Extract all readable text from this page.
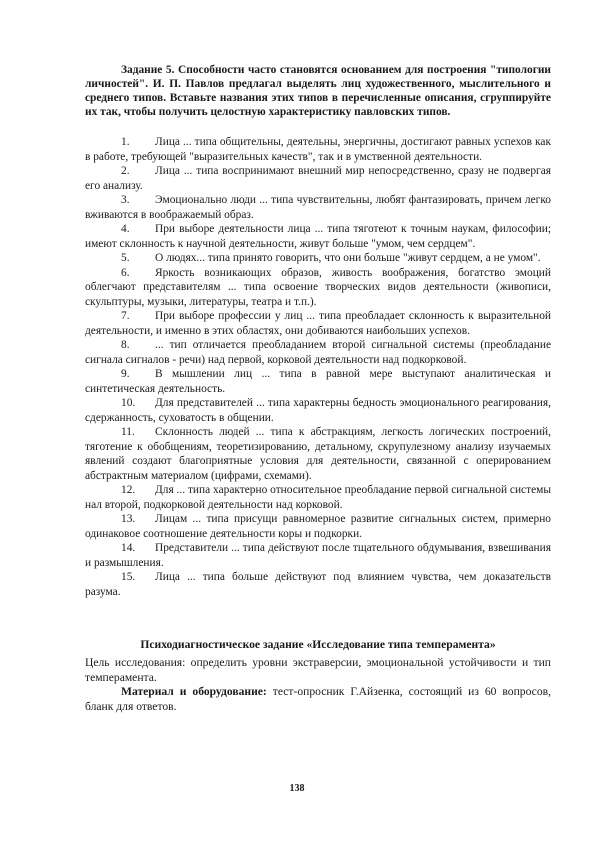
Задание 5. Способности часто становятся основанием для построения "типологии личностей". И. П. Павлов предлагал выделять лиц художественного, мыслительного и среднего типов. Вставьте названия этих типов в перечисленные описания, сгруппируйте их так, чтобы получить целостную характеристику павловских типов.

1. Лица ... типа общительны, деятельны, энергичны, достигают равных успехов как в работе, требующей "выразительных качеств", так и в умственной деятельности.

2. Лица ... типа воспринимают внешний мир непосредственно, сразу не подвергая его анализу.

3. Эмоционально люди ... типа чувствительны, любят фантазировать, причем легко вживаются в воображаемый образ.

4. При выборе деятельности лица ... типа тяготеют к точным наукам, философии; имеют склонность к научной деятельности, живут больше "умом, чем сердцем".

5. О людях... типа принято говорить, что они больше "живут сердцем, а не умом".

6. Яркость возникающих образов, живость воображения, богатство эмоций облегчают представителям ... типа освоение творческих видов деятельности (живописи, скульптуры, музыки, литературы, театра и т.п.).

7. При выборе профессии у лиц ... типа преобладает склонность к выразительной деятельности, и именно в этих областях, они добиваются наибольших успехов.

8. ... тип отличается преобладанием второй сигнальной системы (преобладание сигнала сигналов - речи) над первой, корковой деятельности над подкорковой.

9. В мышлении лиц ... типа в равной мере выступают аналитическая и синтетическая деятельность.

10. Для представителей ... типа характерны бедность эмоционального реагирования, сдержанность, суховатость в общении.

11. Склонность людей ... типа к абстракциям, легкость логических построений, тяготение к обобщениям, теоретизированию, детальному, скрупулезному анализу изучаемых явлений создают благоприятные условия для деятельности, связанной с оперированием абстрактным материалом (цифрами, схемами).

12. Для ... типа характерно относительное преобладание первой сигнальной системы нал второй, подкорковой деятельности над корковой.

13. Лицам ... типа присущи равномерное развитие сигнальных систем, примерно одинаковое соотношение деятельности коры и подкорки.

14. Представители ... типа действуют после тщательного обдумывания, взвешивания и размышления.

15. Лица ... типа больше действуют под влиянием чувства, чем доказательств разума.

Психодиагностическое задание «Исследование типа темперамента»

Цель исследования: определить уровни экстраверсии, эмоциональной устойчивости и тип темперамента.

Материал и оборудование: тест-опросник Г.Айзенка, состоящий из 60 вопросов, бланк для ответов.

138
